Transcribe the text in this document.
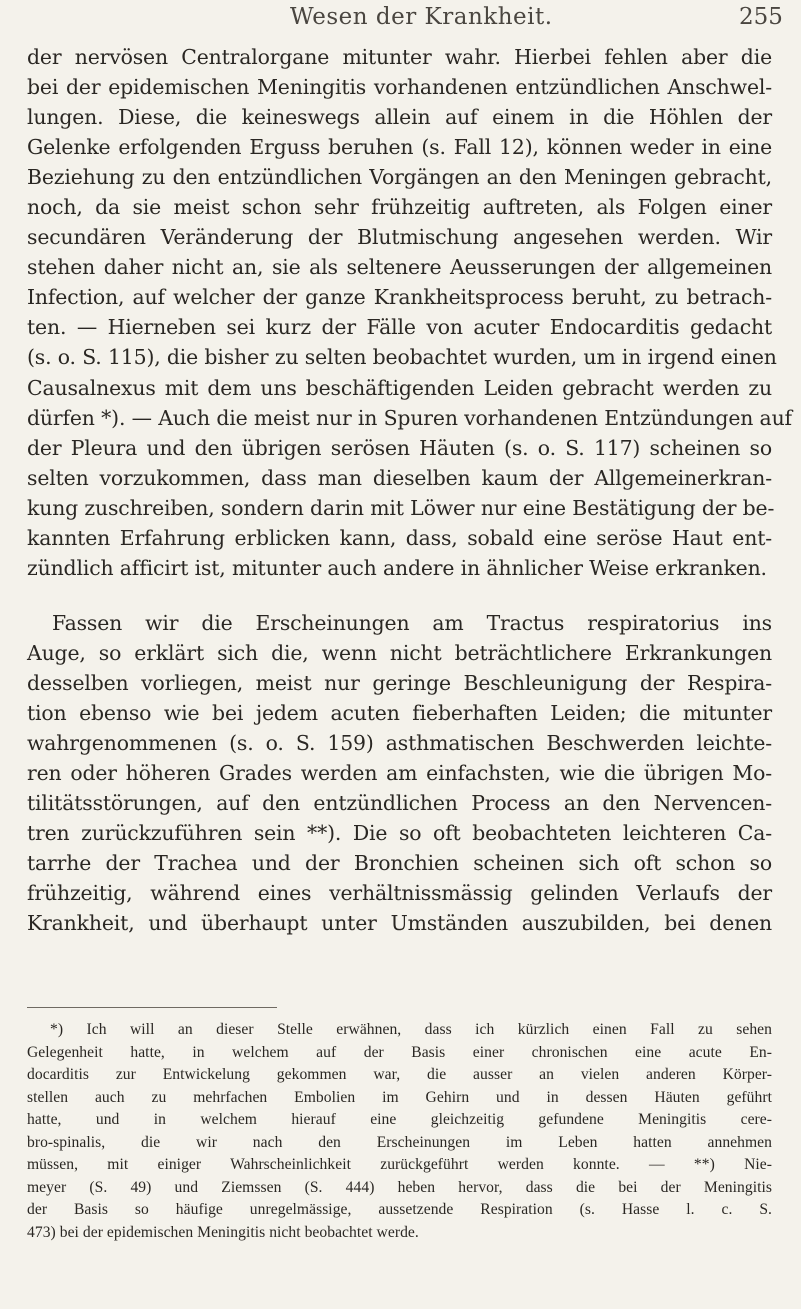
Wesen der Krankheit.	255
der nervösen Centralorgane mitunter wahr. Hierbei fehlen aber die
bei der epidemischen Meningitis vorhandenen entzündlichen Anschwel-
lungen. Diese, die keineswegs allein auf einem in die Höhlen der
Gelenke erfolgenden Erguss beruhen (s. Fall 12), können weder in eine
Beziehung zu den entzündlichen Vorgängen an den Meningen gebracht,
noch, da sie meist schon sehr frühzeitig auftreten, als Folgen einer
secundären Veränderung der Blutmischung angesehen werden. Wir
stehen daher nicht an, sie als seltenere Aeusserungen der allgemeinen
Infection, auf welcher der ganze Krankheitsprocess beruht, zu betrach-
ten. — Hierneben sei kurz der Fälle von acuter Endocarditis gedacht
(s. o. S. 115), die bisher zu selten beobachtet wurden, um in irgend einen
Causalnexus mit dem uns beschäftigenden Leiden gebracht werden zu
dürfen *). — Auch die meist nur in Spuren vorhandenen Entzündungen auf
der Pleura und den übrigen serösen Häuten (s. o. S. 117) scheinen so
selten vorzukommen, dass man dieselben kaum der Allgemeinerkran-
kung zuschreiben, sondern darin mit Löwer nur eine Bestätigung der be-
kannten Erfahrung erblicken kann, dass, sobald eine seröse Haut ent-
zündlich afficirt ist, mitunter auch andere in ähnlicher Weise erkranken.
Fassen wir die Erscheinungen am Tractus respiratorius ins
Auge, so erklärt sich die, wenn nicht beträchtlichere Erkrankungen
desselben vorliegen, meist nur geringe Beschleunigung der Respira-
tion ebenso wie bei jedem acuten fieberhaften Leiden; die mitunter
wahrgenommenen (s. o. S. 159) asthmatischen Beschwerden leichte-
ren oder höheren Grades werden am einfachsten, wie die übrigen Mo-
tilitätsstörungen, auf den entzündlichen Process an den Nervencen-
tren zurückzuführen sein **). Die so oft beobachteten leichteren Ca-
tarrhe der Trachea und der Bronchien scheinen sich oft schon so
frühzeitig, während eines verhältnissmässig gelinden Verlaufs der
Krankheit, und überhaupt unter Umständen auszubilden, bei denen
*) Ich will an dieser Stelle erwähnen, dass ich kürzlich einen Fall zu sehen
Gelegenheit hatte, in welchem auf der Basis einer chronischen eine acute En-
docarditis zur Entwickelung gekommen war, die ausser an vielen anderen Körper-
stellen auch zu mehrfachen Embolien im Gehirn und in dessen Häuten geführt
hatte, und in welchem hierauf eine gleichzeitig gefundene Meningitis cere-
bro-spinalis, die wir nach den Erscheinungen im Leben hatten annehmen
müssen, mit einiger Wahrscheinlichkeit zurückgeführt werden konnte. — **) Nie-
meyer (S. 49) und Ziemssen (S. 444) heben hervor, dass die bei der Meningitis
der Basis so häufige unregelmässige, aussetzende Respiration (s. Hasse l. c. S.
473) bei der epidemischen Meningitis nicht beobachtet werde.
